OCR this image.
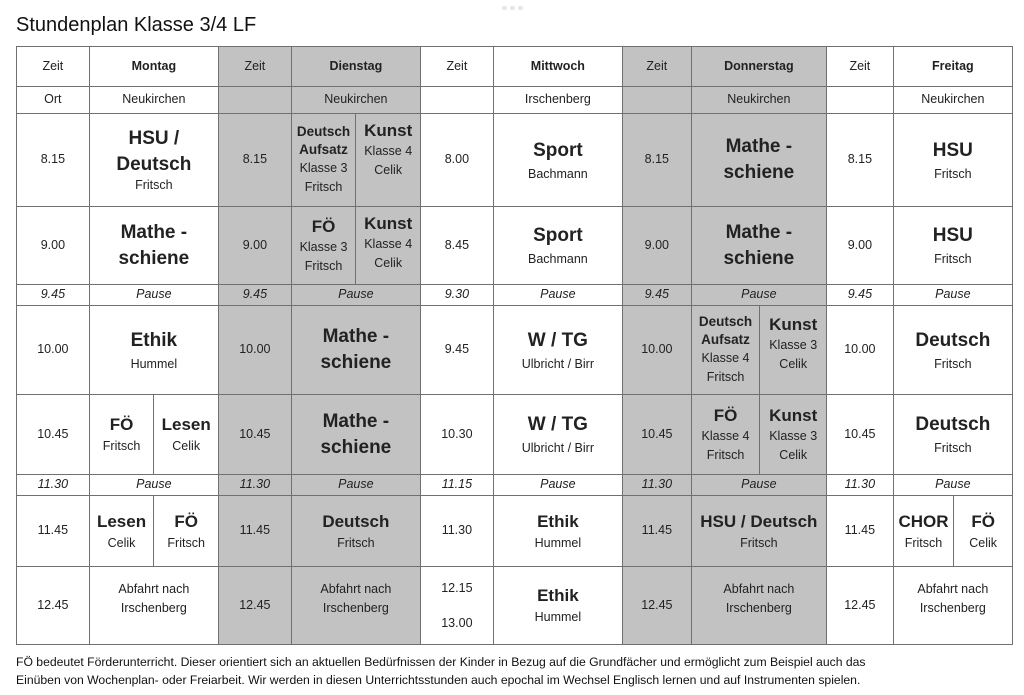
Stundenplan Klasse 3/4 LF
Zeit	Montag		Zeit	Dienstag		Zeit	Mittwoch	Zeit	Donnerstag		Zeit	Freitag	
Ort	Neukirchen			Neukirchen			Irschenberg		Neukirchen			Neukirchen	
8.15	HSU /
Deutsch
Fritsch		8.15	Deutsch
Aufsatz
Klasse 3
Fritsch	Kunst
Klasse 4
Celik	8.00	Sport
Bachmann	8.15	Mathe -
schiene		8.15	HSU
Fritsch	

9.00	Mathe -
schiene		9.00	FÖ
Klasse 3
Fritsch	Kunst
Klasse 4
Celik	8.45	Sport
Bachmann	9.00	Mathe -
schiene		9.00	HSU
Fritsch	

9.45	Pause		9.45	Pause		9.30	Pause	9.45	Pause		9.45	Pause	
10.00	Ethik
Hummel		10.00	Mathe -
schiene		9.45	W / TG
Ulbricht / Birr	10.00	Deutsch
Aufsatz
Klasse 4
Fritsch	Kunst
Klasse 3
Celik	10.00	Deutsch
Fritsch	

10.45	FÖ
Fritsch	Lesen
Celik	10.45	Mathe -
schiene		10.30	W / TG
Ulbricht / Birr	10.45	FÖ
Klasse 4
Fritsch	Kunst
Klasse 3
Celik	10.45	Deutsch
Fritsch	

11.30	Pause		11.30	Pause		11.15	Pause	11.30	Pause		11.30	Pause	
11.45	Lesen
Celik	FÖ
Fritsch	11.45	Deutsch
Fritsch		11.30	Ethik
Hummel	11.45	HSU / Deutsch
Fritsch		11.45	CHOR
Fritsch	FÖ
Celik

12.45	Abfahrt nach
Irschenberg		12.45	Abfahrt nach
Irschenberg		12.15
13.00	Ethik
Hummel	12.45	Abfahrt nach
Irschenberg		12.45	Abfahrt nach
Irschenberg	
FÖ bedeutet Förderunterricht. Dieser orientiert sich an aktuellen Bedürfnissen der Kinder in Bezug auf die Grundfächer und ermöglicht zum Beispiel auch das
Einüben von Wochenplan- oder Freiarbeit. Wir werden in diesen Unterrichtsstunden auch epochal im Wechsel Englisch lernen und auf Instrumenten spielen.
